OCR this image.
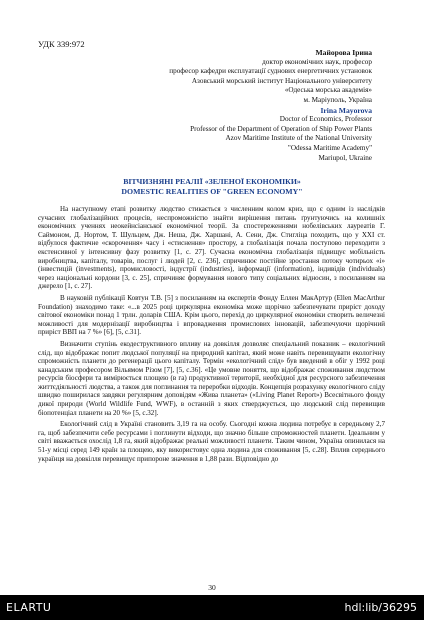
УДК 339:972
Майорова Ірина
доктор економічних наук, професор
професор кафедри експлуатації суднових енергетичних установок
Азовський морський інститут Національного університету
«Одеська морська академія»
м. Маріуполь, Україна
Irina Mayorova
Doctor of Economics, Professor
Professor of the Department of Operation of Ship Power Plants
Azov Maritime Institute of the National University
"Odessa Maritime Academy"
Mariupol, Ukraine
ВІТЧИЗНЯНІ РЕАЛІЇ «ЗЕЛЕНОЇ ЕКОНОМІКИ»
DOMESTIC REALITIES OF "GREEN ECONOMY"

На наступному етапі розвитку людство стикається з численним колом криз, що є одним із наслідків сучасних глобалізаційних процесів, неспроможністю знайти вирішення питань ґрунтуючись на колишніх економічних ученнях неокейнсіанської економічної теорії. За спостереженнями нобелівських лауреатів Г. Саймоном, Д. Нортом, Т. Шульцем, Дж. Неша, Дж. Харшані, А. Сени, Дж. Стигліца походить, що у XXI ст. відбулося фактичне «скорочення» часу і «стиснення» простору, а глобалізація почала поступово переходити з екстенсивної у інтенсивну фазу розвитку [1, с. 27]. Сучасна економічна глобалізація підвищує мобільність виробництва, капіталу, товарів, послуг і людей [2, с. 236], спричинює постійне зростання потоку чотирьох «і» (інвестицій (investments), промисловості, індустрії (industries), інформації (information), індивідів (individuals) через національні кордони [3, с. 25], спричиняє формування нового типу соціальних відносин, з посиланням на джерело [1, с. 27].

В науковій публікації Ковтун Т.В. [5] з посиланням на експертів Фонду Еллен МакАртур (Ellen MacArthur Foundation) знаходимо таке: «...в 2025 році циркулярна економіка може щорічно забезпечувати приріст доходу світової економіки понад 1 трлн. доларів США. Крім цього, перехід до циркулярної економіки створить величезні можливості для модернізації виробництва і впровадження промислових інновацій, забезпечуючи щорічний приріст ВВП на 7 %» [6], [5, с.31].

Визначити ступінь екодеструктивного впливу на довкілля дозволяє спеціальний показник – екологічний слід, що відображає попит людської популяції на природний капітал, який може навіть перевищувати екологічну спроможність планети до регенерації цього капіталу. Термін «екологічний слід» був введений в обіг у 1992 році канадським професором Вільямом Різом [7], [5, с.36]. «Це умовне поняття, що відображає споживання людством ресурсів біосфери та вимірюється площею (в га) продуктивної території, необхідної для ресурсного забезпечення життєдіяльності людства, а також для поглинання та переробки відходів. Концепція розрахунку екологічного сліду швидко поширилася завдяки регулярним доповідям «Жива планета» («Living Planet Report») Всесвітнього фонду дикої природи (World Wildlife Fund, WWF), в останній з яких стверджується, що людський слід перевищив біопотенціал планети на 20 %» [5, с.32].

Екологічний слід в Україні становить 3,19 га на особу. Сьогодні кожна людина потребує в середньому 2,7 га, щоб забезпечити себе ресурсами і поглинути відходи, що значно більше спроможностей планети. Ідеальним у світі вважається охослід 1,8 га, який відображає реальні можливості планети. Таким чином, Україна опинилася на 51-у місці серед 149 країн за площею, яку використовує одна людина для споживання [5, с.28]. Вплив середнього українця на довкілля перевищує припороне значення в 1,88 рази. Відповідно до

30
ELARTU	hdl:lib/36295
